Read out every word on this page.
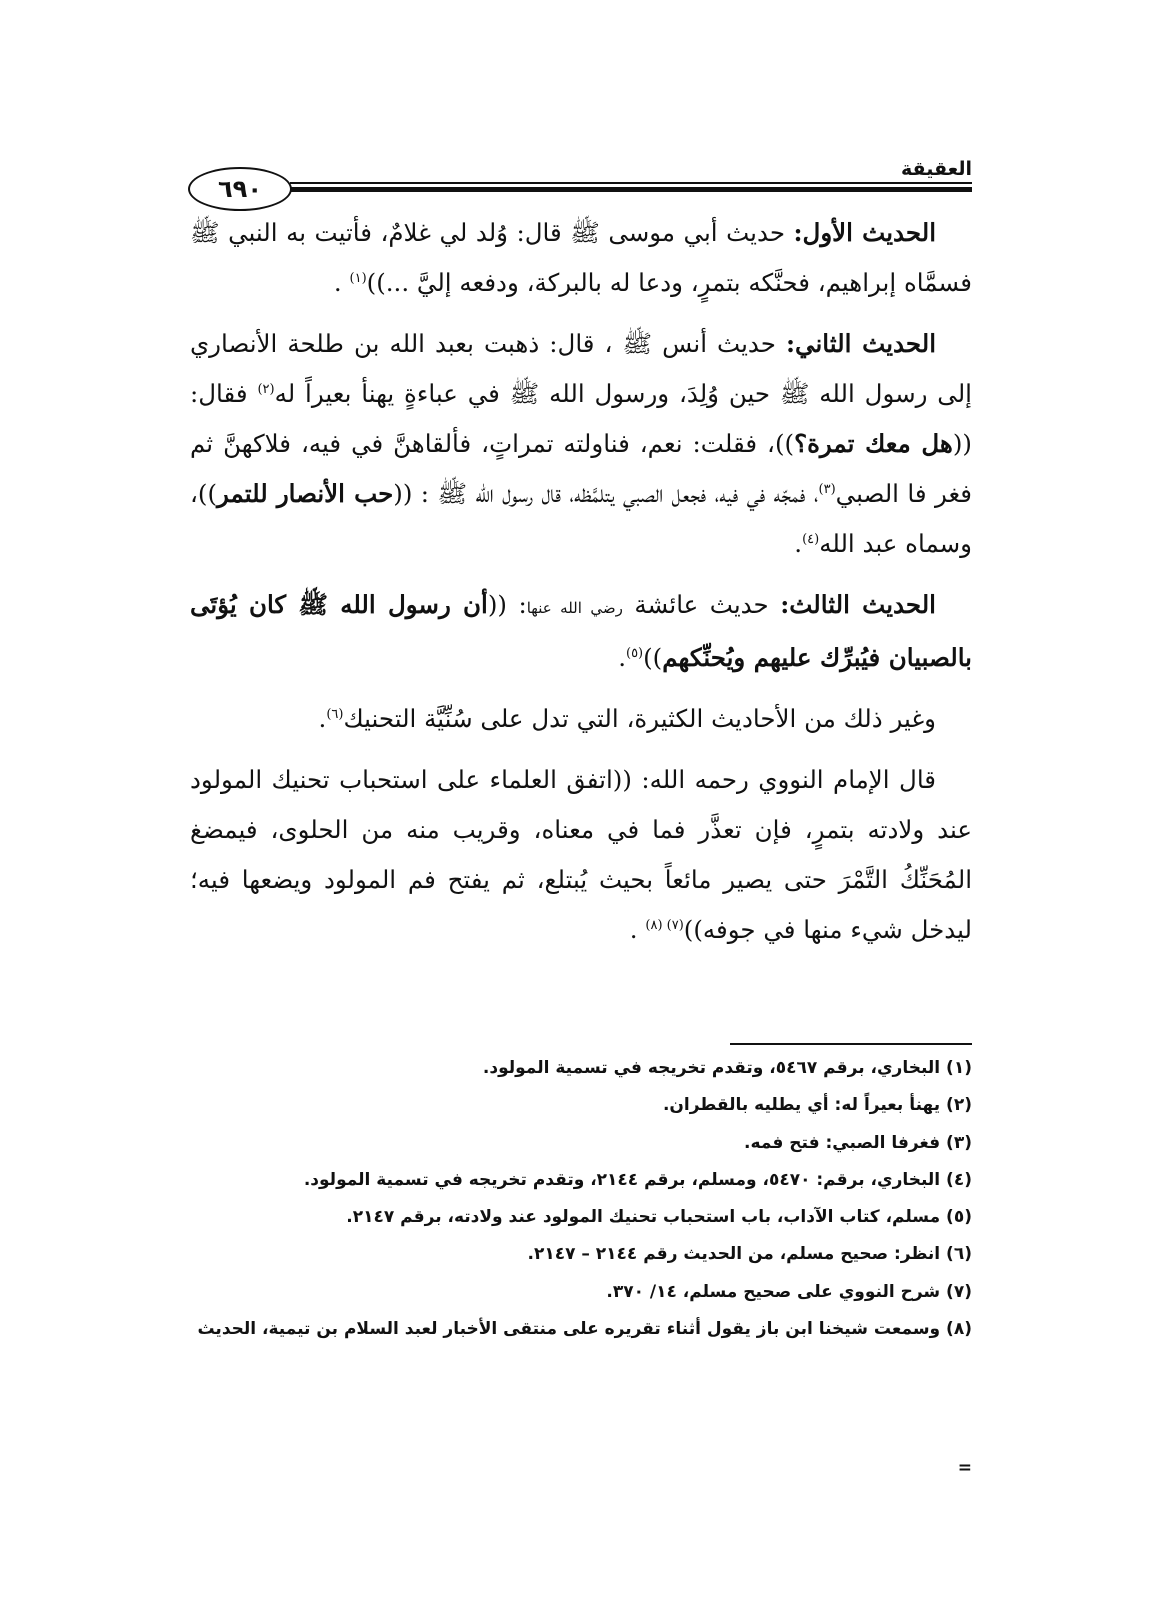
العقيقة
٦٩٠

الحديث الأول: حديث أبي موسى ﷺ قال: وُلد لي غلامٌ، فأتيت به النبي ﷺ فسمَّاه إبراهيم، فحنَّكه بتمرٍ، ودعا له بالبركة، ودفعه إليَّ ...))$^{(١)}$ .

الحديث الثاني: حديث أنس ﷺ ، قال: ذهبت بعبد الله بن طلحة الأنصاري إلى رسول الله ﷺ حين وُلِدَ، ورسول الله ﷺ في عباءةٍ يهنأ بعيراً له$^{(٢)}$ فقال: ((هل معك تمرة؟))، فقلت: نعم، فناولته تمراتٍ، فألقاهنَّ في فيه، فلاكهنَّ ثم فغر فا الصبي$^{(٣)}$، فمجّه في فيه، فجعل الصبي يتلمَّظه، قال رسول الله ﷺ : ((حب الأنصار للتمر))، وسماه عبد الله$^{(٤)}$.

الحديث الثالث: حديث عائشة رضي الله عنها: ((أن رسول الله ﷺ كان يُؤتَى بالصبيان فيُبرِّك عليهم ويُحنِّكهم))$^{(٥)}$.

وغير ذلك من الأحاديث الكثيرة، التي تدل على سُنِّيَّة التحنيك$^{(٦)}$.

قال الإمام النووي رحمه الله: ((اتفق العلماء على استحباب تحنيك المولود عند ولادته بتمرٍ، فإن تعذَّر فما في معناه، وقريب منه من الحلوى، فيمضغ المُحَنِّكُ التَّمْرَ حتى يصير مائعاً بحيث يُبتلع، ثم يفتح فم المولود ويضعها فيه؛ ليدخل شيء منها في جوفه))$^{(٧) (٨)}$ .

(١) البخاري، برقم ٥٤٦٧، وتقدم تخريجه في تسمية المولود.

(٢) يهنأ بعيراً له: أي يطليه بالقطران.

(٣) فغرفا الصبي: فتح فمه.

(٤) البخاري، برقم: ٥٤٧٠، ومسلم، برقم ٢١٤٤، وتقدم تخريجه في تسمية المولود.

(٥) مسلم، كتاب الآداب، باب استحباب تحنيك المولود عند ولادته، برقم ٢١٤٧.

(٦) انظر: صحيح مسلم، من الحديث رقم ٢١٤٤ – ٢١٤٧.

(٧) شرح النووي على صحيح مسلم، ١٤/ ٣٧٠.

(٨) وسمعت شيخنا ابن باز يقول أثناء تقريره على منتقى الأخبار لعبد السلام بن تيمية، الحديث

=
